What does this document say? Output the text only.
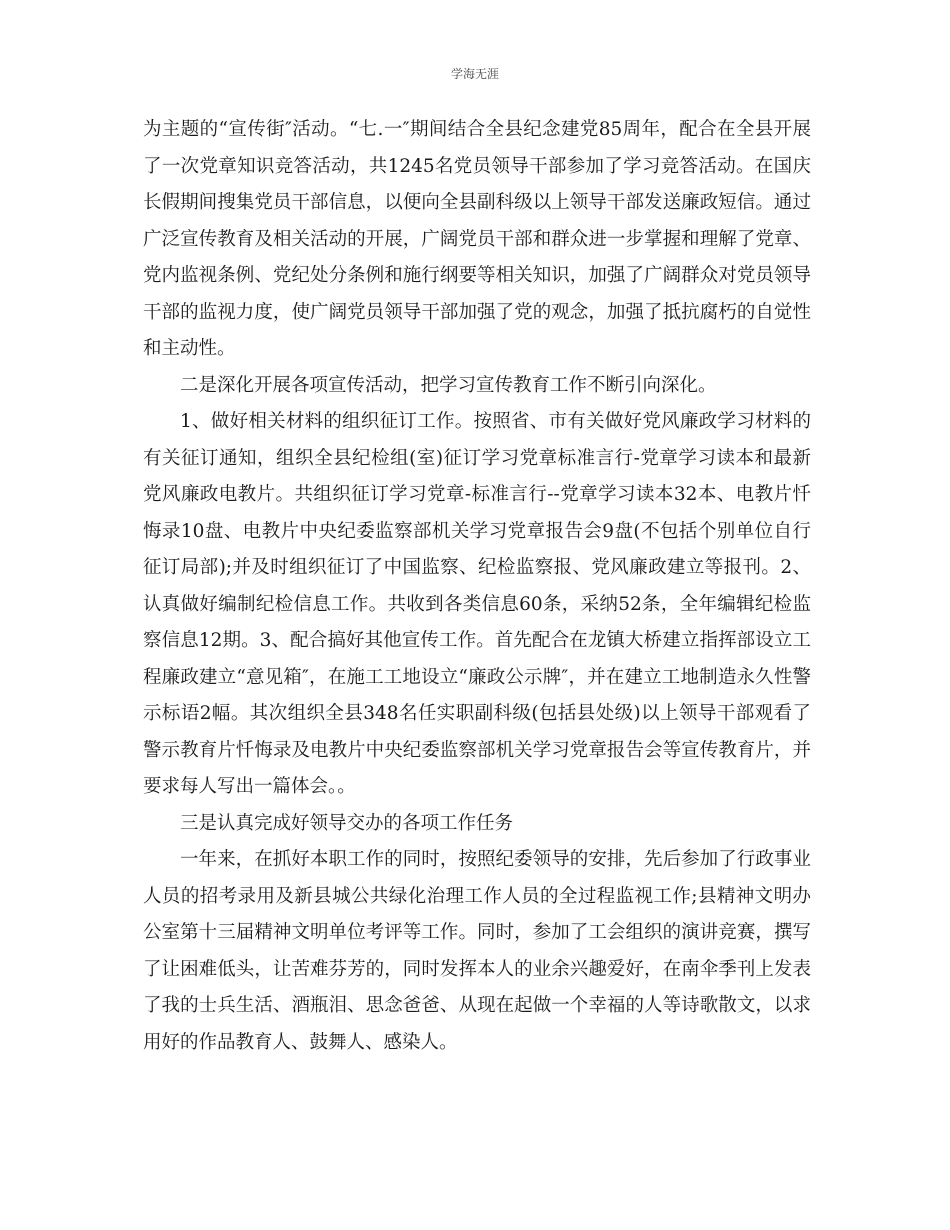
学海无涯

为主题的“宣传街″活动。“七.一″期间结合全县纪念建党85周年，配合在全县开展了一次党章知识竞答活动，共1245名党员领导干部参加了学习竞答活动。在国庆长假期间搜集党员干部信息，以便向全县副科级以上领导干部发送廉政短信。通过广泛宣传教育及相关活动的开展，广阔党员干部和群众进一步掌握和理解了党章、党内监视条例、党纪处分条例和施行纲要等相关知识，加强了广阔群众对党员领导干部的监视力度，使广阔党员领导干部加强了党的观念，加强了抵抗腐朽的自觉性和主动性。

二是深化开展各项宣传活动，把学习宣传教育工作不断引向深化。

1、做好相关材料的组织征订工作。按照省、市有关做好党风廉政学习材料的有关征订通知，组织全县纪检组(室)征订学习党章标准言行-党章学习读本和最新党风廉政电教片。共组织征订学习党章-标准言行--党章学习读本32本、电教片忏悔录10盘、电教片中央纪委监察部机关学习党章报告会9盘(不包括个别单位自行征订局部);并及时组织征订了中国监察、纪检监察报、党风廉政建立等报刊。2、认真做好编制纪检信息工作。共收到各类信息60条，采纳52条，全年编辑纪检监察信息12期。3、配合搞好其他宣传工作。首先配合在龙镇大桥建立指挥部设立工程廉政建立“意见箱″，在施工工地设立“廉政公示牌″，并在建立工地制造永久性警示标语2幅。其次组织全县348名任实职副科级(包括县处级)以上领导干部观看了警示教育片忏悔录及电教片中央纪委监察部机关学习党章报告会等宣传教育片，并要求每人写出一篇体会。。

三是认真完成好领导交办的各项工作任务

一年来，在抓好本职工作的同时，按照纪委领导的安排，先后参加了行政事业人员的招考录用及新县城公共绿化治理工作人员的全过程监视工作;县精神文明办公室第十三届精神文明单位考评等工作。同时，参加了工会组织的演讲竞赛，撰写了让困难低头，让苦难芬芳的，同时发挥本人的业余兴趣爱好，在南伞季刊上发表了我的士兵生活、酒瓶泪、思念爸爸、从现在起做一个幸福的人等诗歌散文，以求用好的作品教育人、鼓舞人、感染人。
